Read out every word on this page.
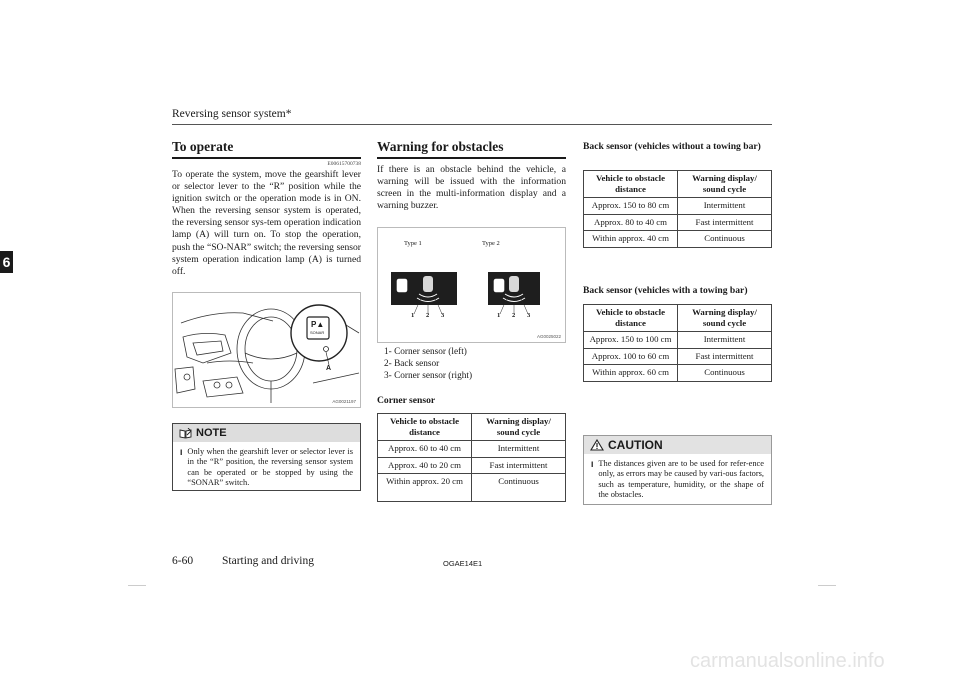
Reversing sensor system*
6
To operate
E00615700738
To operate the system, move the gearshift lever or selector lever to the “R” position while the ignition switch or the operation mode is in ON. When the reversing sensor system is operated, the reversing sensor sys-tem operation indication lamp (A) will turn on. To stop the operation, push the “SO-NAR” switch; the reversing sensor system operation indication lamp (A) is turned off.
P▲
SONAR
A
AG0021197
NOTE
l Only when the gearshift lever or selector lever is in the “R” position, the reversing sensor system can be operated or be stopped by using the “SONAR” switch.
Warning for obstacles
If there is an obstacle behind the vehicle, a warning will be issued with the information screen in the multi-information display and a warning buzzer.
Type 1	Type 2
1 2 3	1 2 3
AG0025022
1- Corner sensor (left)
2- Back sensor
3- Corner sensor (right)
Corner sensor
Vehicle to obstacle distance	Warning display/ sound cycle
Approx. 60 to 40 cm	Intermittent
Approx. 40 to 20 cm	Fast intermittent
Within approx. 20 cm	Continuous
Back sensor (vehicles without a towing bar)
Vehicle to obstacle distance	Warning display/ sound cycle
Approx. 150 to 80 cm	Intermittent
Approx. 80 to 40 cm	Fast intermittent
Within approx. 40 cm	Continuous
Back sensor (vehicles with a towing bar)
Vehicle to obstacle distance	Warning display/ sound cycle
Approx. 150 to 100 cm	Intermittent
Approx. 100 to 60 cm	Fast intermittent
Within approx. 60 cm	Continuous
CAUTION
l The distances given are to be used for refer-ence only, as errors may be caused by vari-ous factors, such as temperature, humidity, or the shape of the obstacles.
6-60	Starting and driving	OGAE14E1
carmanualsonline.info
